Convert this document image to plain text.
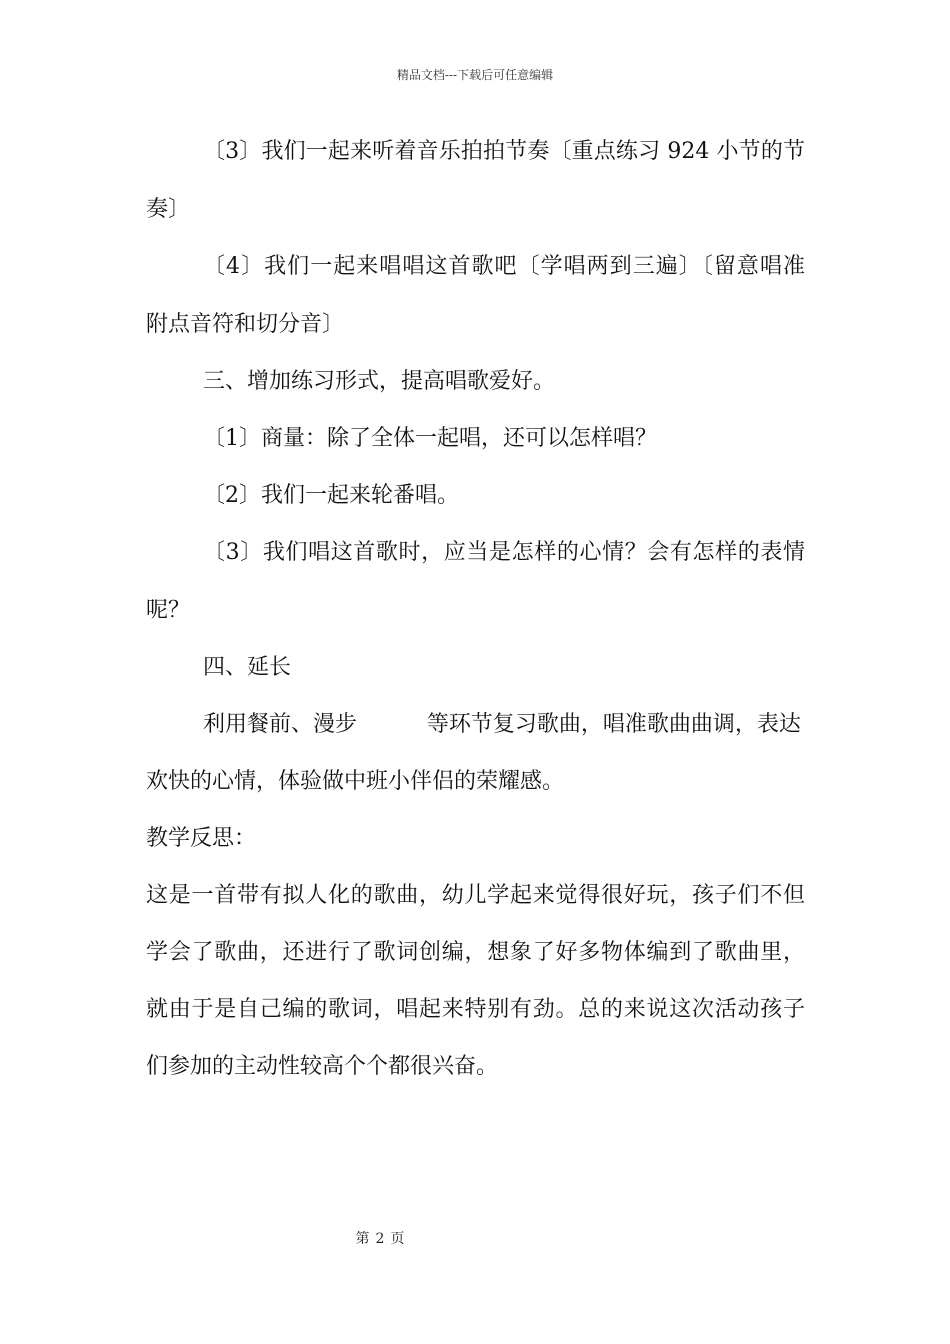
精品文档---下载后可任意编辑
〔3〕我们一起来听着音乐拍拍节奏〔重点练习 924 小节的节
奏〕
〔4〕我们一起来唱唱这首歌吧〔学唱两到三遍〕〔留意唱准
附点音符和切分音〕
三、增加练习形式，提高唱歌爱好。
〔1〕商量：除了全体一起唱，还可以怎样唱？
〔2〕我们一起来轮番唱。
〔3〕我们唱这首歌时，应当是怎样的心情？会有怎样的表情
呢？
四、延长
利用餐前、漫步          等环节复习歌曲，唱准歌曲曲调，表达
欢快的心情，体验做中班小伴侣的荣耀感。
教学反思：
这是一首带有拟人化的歌曲，幼儿学起来觉得很好玩，孩子们不但
学会了歌曲，还进行了歌词创编，想象了好多物体编到了歌曲里，
就由于是自己编的歌词，唱起来特别有劲。总的来说这次活动孩子
们参加的主动性较高个个都很兴奋。
第 2 页
